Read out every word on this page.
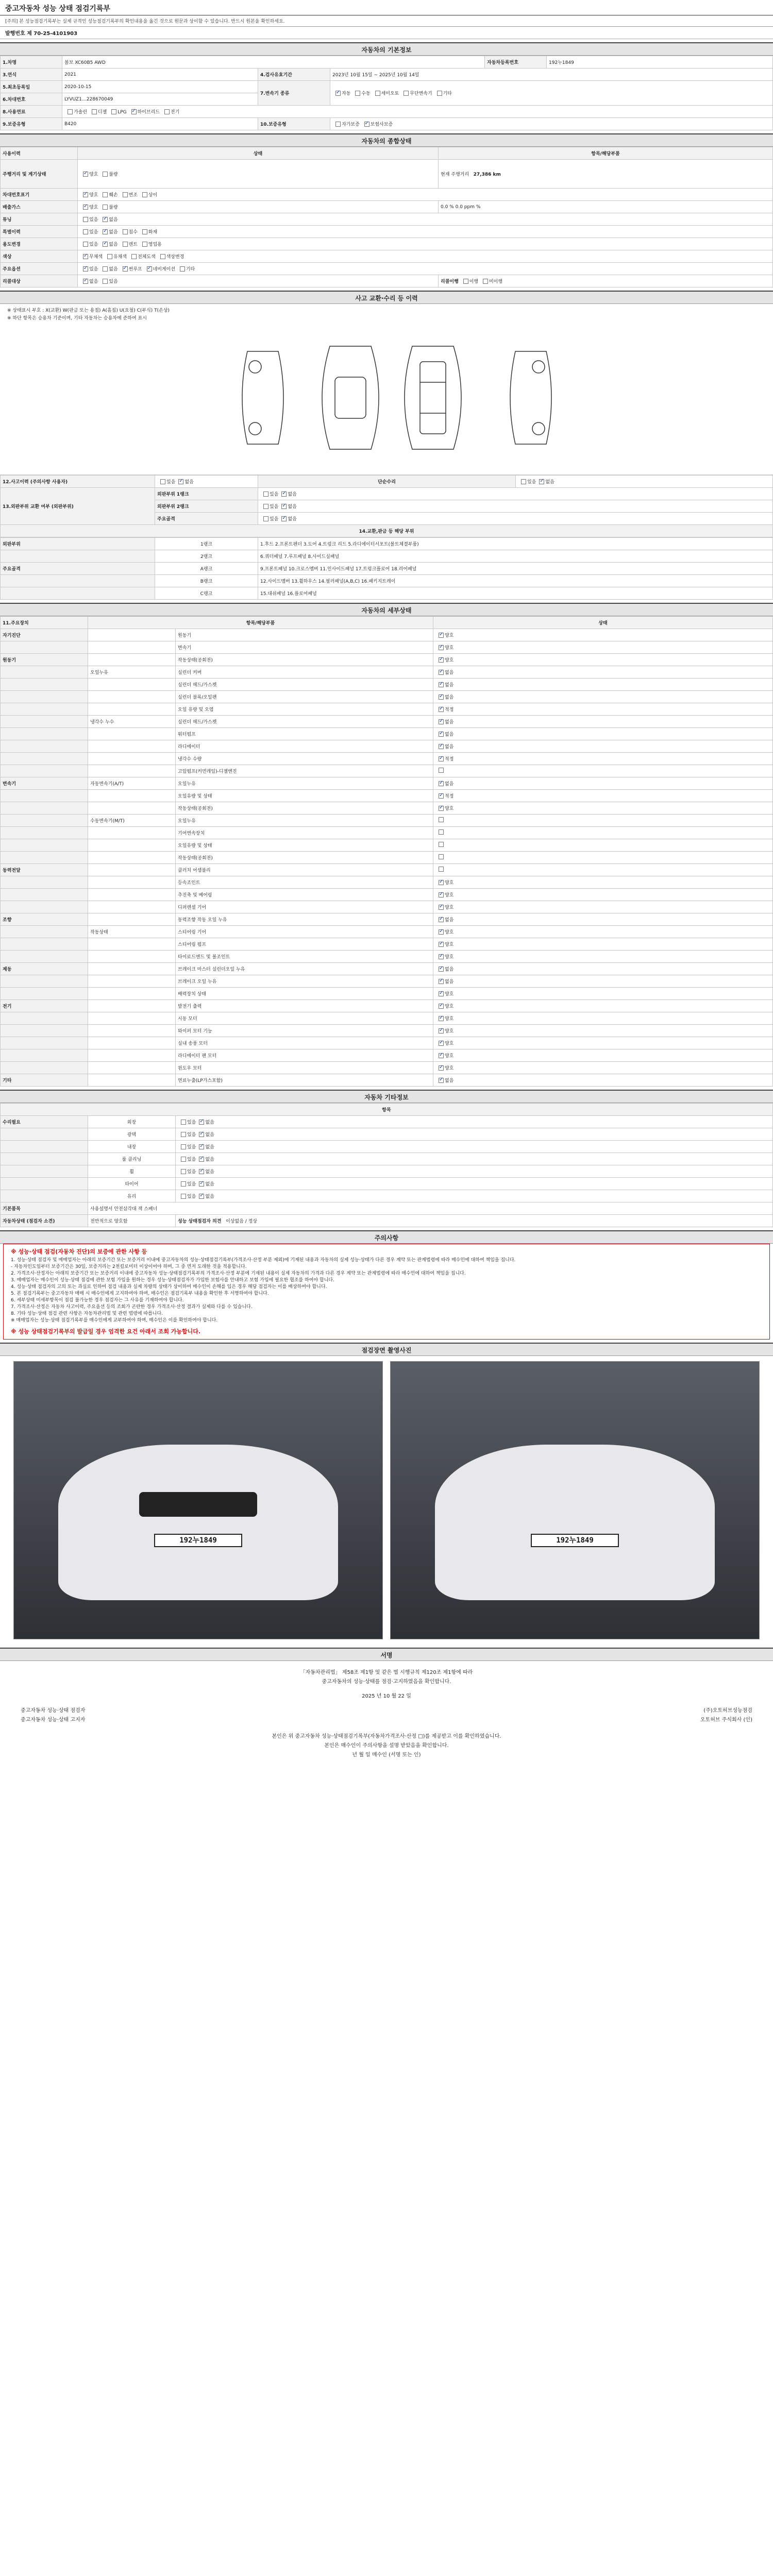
중고자동차 성능 상태 점검기록부
[주의] 본 성능점검기록부는 실제 규격인 성능점검기록부의 확인내용을 옮긴 것으로 원문과 상이할 수 있습니다. 반드시 원본을 확인하세요.
발행번호 제 70-25-4101903
자동차의 기본정보
1.차명	볼보 XC60B5 AWD			자동차등록번호	192누1849
3.연식	2021	4.검사유효기간	2023년 10월 15일 ~ 2025년 10월 14일		
5.최초등록일	2020-10-15	7.변속기 종류	✓자동 수동 세미오토 무단변속기 기타
6.차대번호	LYVUZ1…228670049				
8.사용연료	가솔린 디젤 LPG ✓ 하이브리드 전기
9.보증유형	B420	10.보증유형	자가보증 ✓ 보험사보증
자동차의 종합상태
사용이력	상태	항목/해당부품
주행거리 및 계기상태	✓양호 불량	현재 주행거리 27,386 km
차대번호표기	✓양호 훼손 변조 상이
배출가스	✓양호 불량	0.0 % 0.0 ppm %
튜닝	있음 ✓ 없음
특별이력	있음 ✓ 없음 침수 화재
용도변경	있음 ✓ 없음 렌트 영업용
색상	✓무채색 유채색 전체도색 색상변경
주요옵션	✓있음 없음 ✓ 썬루프 ✓ 네비게이션 기타
리콜대상	✓없음 있음	리콜이행 이행 미이행
사고 교환·수리 등 이력
※ 상태표시 부호 : X(교환) W(판금 또는 용접) A(흠집) U(요철) C(부식) T(손상)
※ 하단 항목은 승용차 기준이며, 기타 자동차는 승용차에 준하여 표시
12.사고이력 (주의사항 사용자)	있음 ✓ 없음	단순수리	있음 ✓ 없음
13.외판부위 교환 여부 (외판부위)	외판부위 1랭크	있음 ✓ 없음
	외판부위 2랭크	있음 ✓ 없음
	주요골격	있음 ✓ 없음
14.교환,판금 등 해당 부위			
외판부위	1랭크	1.후드 2.프론트펜더 3.도어 4.트렁크 리드 5.라디에이터서포트(볼트체결부품)
	2랭크	6.쿼터패널 7.루프패널 8.사이드실패널
주요골격	A랭크	9.프론트패널 10.크로스멤버 11.인사이드패널 17.트렁크플로어 18.리어패널
	B랭크	12.사이드멤버 13.휠하우스 14.필러패널(A,B,C) 16.패키지트레이
	C랭크	15.대쉬패널 16.플로어패널
자동차의 세부상태
11.주요장치	항목/해당부품		상태
자기진단		원동기	✓양호
		변속기	✓양호
원동기		작동상태(공회전)	✓양호
	오일누유	실린더 커버	✓없음
		실린더 헤드/가스켓	✓없음
		실린더 블록/오일팬	✓없음
		오일 유량 및 오염	✓적정
	냉각수 누수	실린더 헤드/가스켓	✓없음
		워터펌프	✓없음
		라디에이터	✓없음
		냉각수 수량	✓적정
		고압펌프(커먼레일)-디젤엔진	
변속기	자동변속기(A/T)	오일누유	✓없음
		오일유량 및 상태	✓적정
		작동상태(공회전)	✓양호
	수동변속기(M/T)	오일누유	
		기어변속장치	
		오일유량 및 상태	
		작동상태(공회전)	
동력전달		클러치 어셈블리	
		등속조인트	✓양호
		추진축 및 베어링	✓양호
		디퍼렌셜 기어	✓양호
조향		동력조향 작동 오일 누유	✓없음
	작동상태	스티어링 기어	✓양호
		스티어링 펌프	✓양호
		타이로드엔드 및 볼조인트	✓양호
제동		브레이크 마스터 실린더오일 누유	✓없음
		브레이크 오일 누유	✓없음
		배력장치 상태	✓양호
전기		발전기 출력	✓양호
		시동 모터	✓양호
		와이퍼 모터 기능	✓양호
		실내 송풍 모터	✓양호
		라디에이터 팬 모터	✓양호
		윈도우 모터	✓양호
기타		연료누출(LP가스포함)	✓없음
자동차 기타정보
항목		
수리필요	외장	있음 ✓ 없음
	광택	있음 ✓ 없음
	내장	있음 ✓ 없음
	룸 클리닝	있음 ✓ 없음
	휠	있음 ✓ 없음
	타이어	있음 ✓ 없음
	유리	있음 ✓ 없음
기본품목	사용설명서 안전삼각대 잭 스패너	
자동차상태 (점검자 소견)	전반적으로 양호함	성능 상태점검자 의견 이상없음 / 정상
주의사항
※ 성능·상태 점검(자동차 진단)의 보증에 관한 사항 등
1. 성능·상태 점검자 및 매매업자는 아래의 보증기간 또는 보증거리 이내에 중고자동차의 성능·상태점검기록부(가격조사·산정 부분 제외)에 기재된 내용과 자동차의 실제 성능·상태가 다른 경우 계약 또는 관계법령에 따라 매수인에 대하여 책임을 집니다.
- 자동차인도일부터 보증기간은 30일, 보증거리는 2천킬로미터 이상이어야 하며, 그 중 먼저 도래한 것을 적용합니다.
2. 가격조사·산정자는 아래의 보증기간 또는 보증거리 이내에 중고자동차 성능·상태점검기록부의 가격조사·산정 부분에 기재된 내용이 실제 자동차의 가격과 다른 경우 계약 또는 관계법령에 따라 매수인에 대하여 책임을 집니다.
3. 매매업자는 매수인이 성능·상태 점검에 관한 보험 가입을 원하는 경우 성능·상태점검자가 가입한 보험사를 안내하고 보험 가입에 필요한 협조를 하여야 합니다.
4. 성능·상태 점검자의 고의 또는 과실로 인하여 점검 내용과 실제 차량의 상태가 상이하여 매수인이 손해를 입은 경우 해당 점검자는 이를 배상하여야 합니다.
5. 본 점검기록부는 중고자동차 매매 시 매수인에게 고지하여야 하며, 매수인은 점검기록부 내용을 확인한 후 서명하여야 합니다.
6. 세부상태 미세부항목이 점검 불가능한 경우 점검자는 그 사유를 기재하여야 합니다.
7. 가격조사·산정은 자동차 사고이력, 주요옵션 등의 조회가 곤란한 경우 가격조사·산정 결과가 실제와 다를 수 있습니다.
8. 기타 성능·상태 점검 관련 사항은 자동차관리법 및 관련 법령에 따릅니다.
※ 매매업자는 성능·상태 점검기록부를 매수인에게 교부하여야 하며, 매수인은 이를 확인하여야 합니다.
※ 성능 상태점검기록부의 발급일 경우 엄격한 요건 아래서 조회 가능합니다.
점검장면 촬영사진
192누1849	192누1849
서명
「자동차관리법」 제58조 제1항 및 같은 법 시행규칙 제120조 제1항에 따라
중고자동차의 성능·상태를 점검·고지하였음을 확인합니다.
2025 년 10 월 22 일
중고자동차 성능·상태 점검자	(주)오토허브성능점검
중고자동차 성능·상태 고지자	오토허브 주식회사 (인)
본인은 위 중고자동차 성능·상태점검기록부(자동차가격조사·산정 □)를 제공받고 이를 확인하였습니다.
본인은 매수인이 주의사항을 설명 받았음을 확인합니다.
년 월 일 매수인 (서명 또는 인)
